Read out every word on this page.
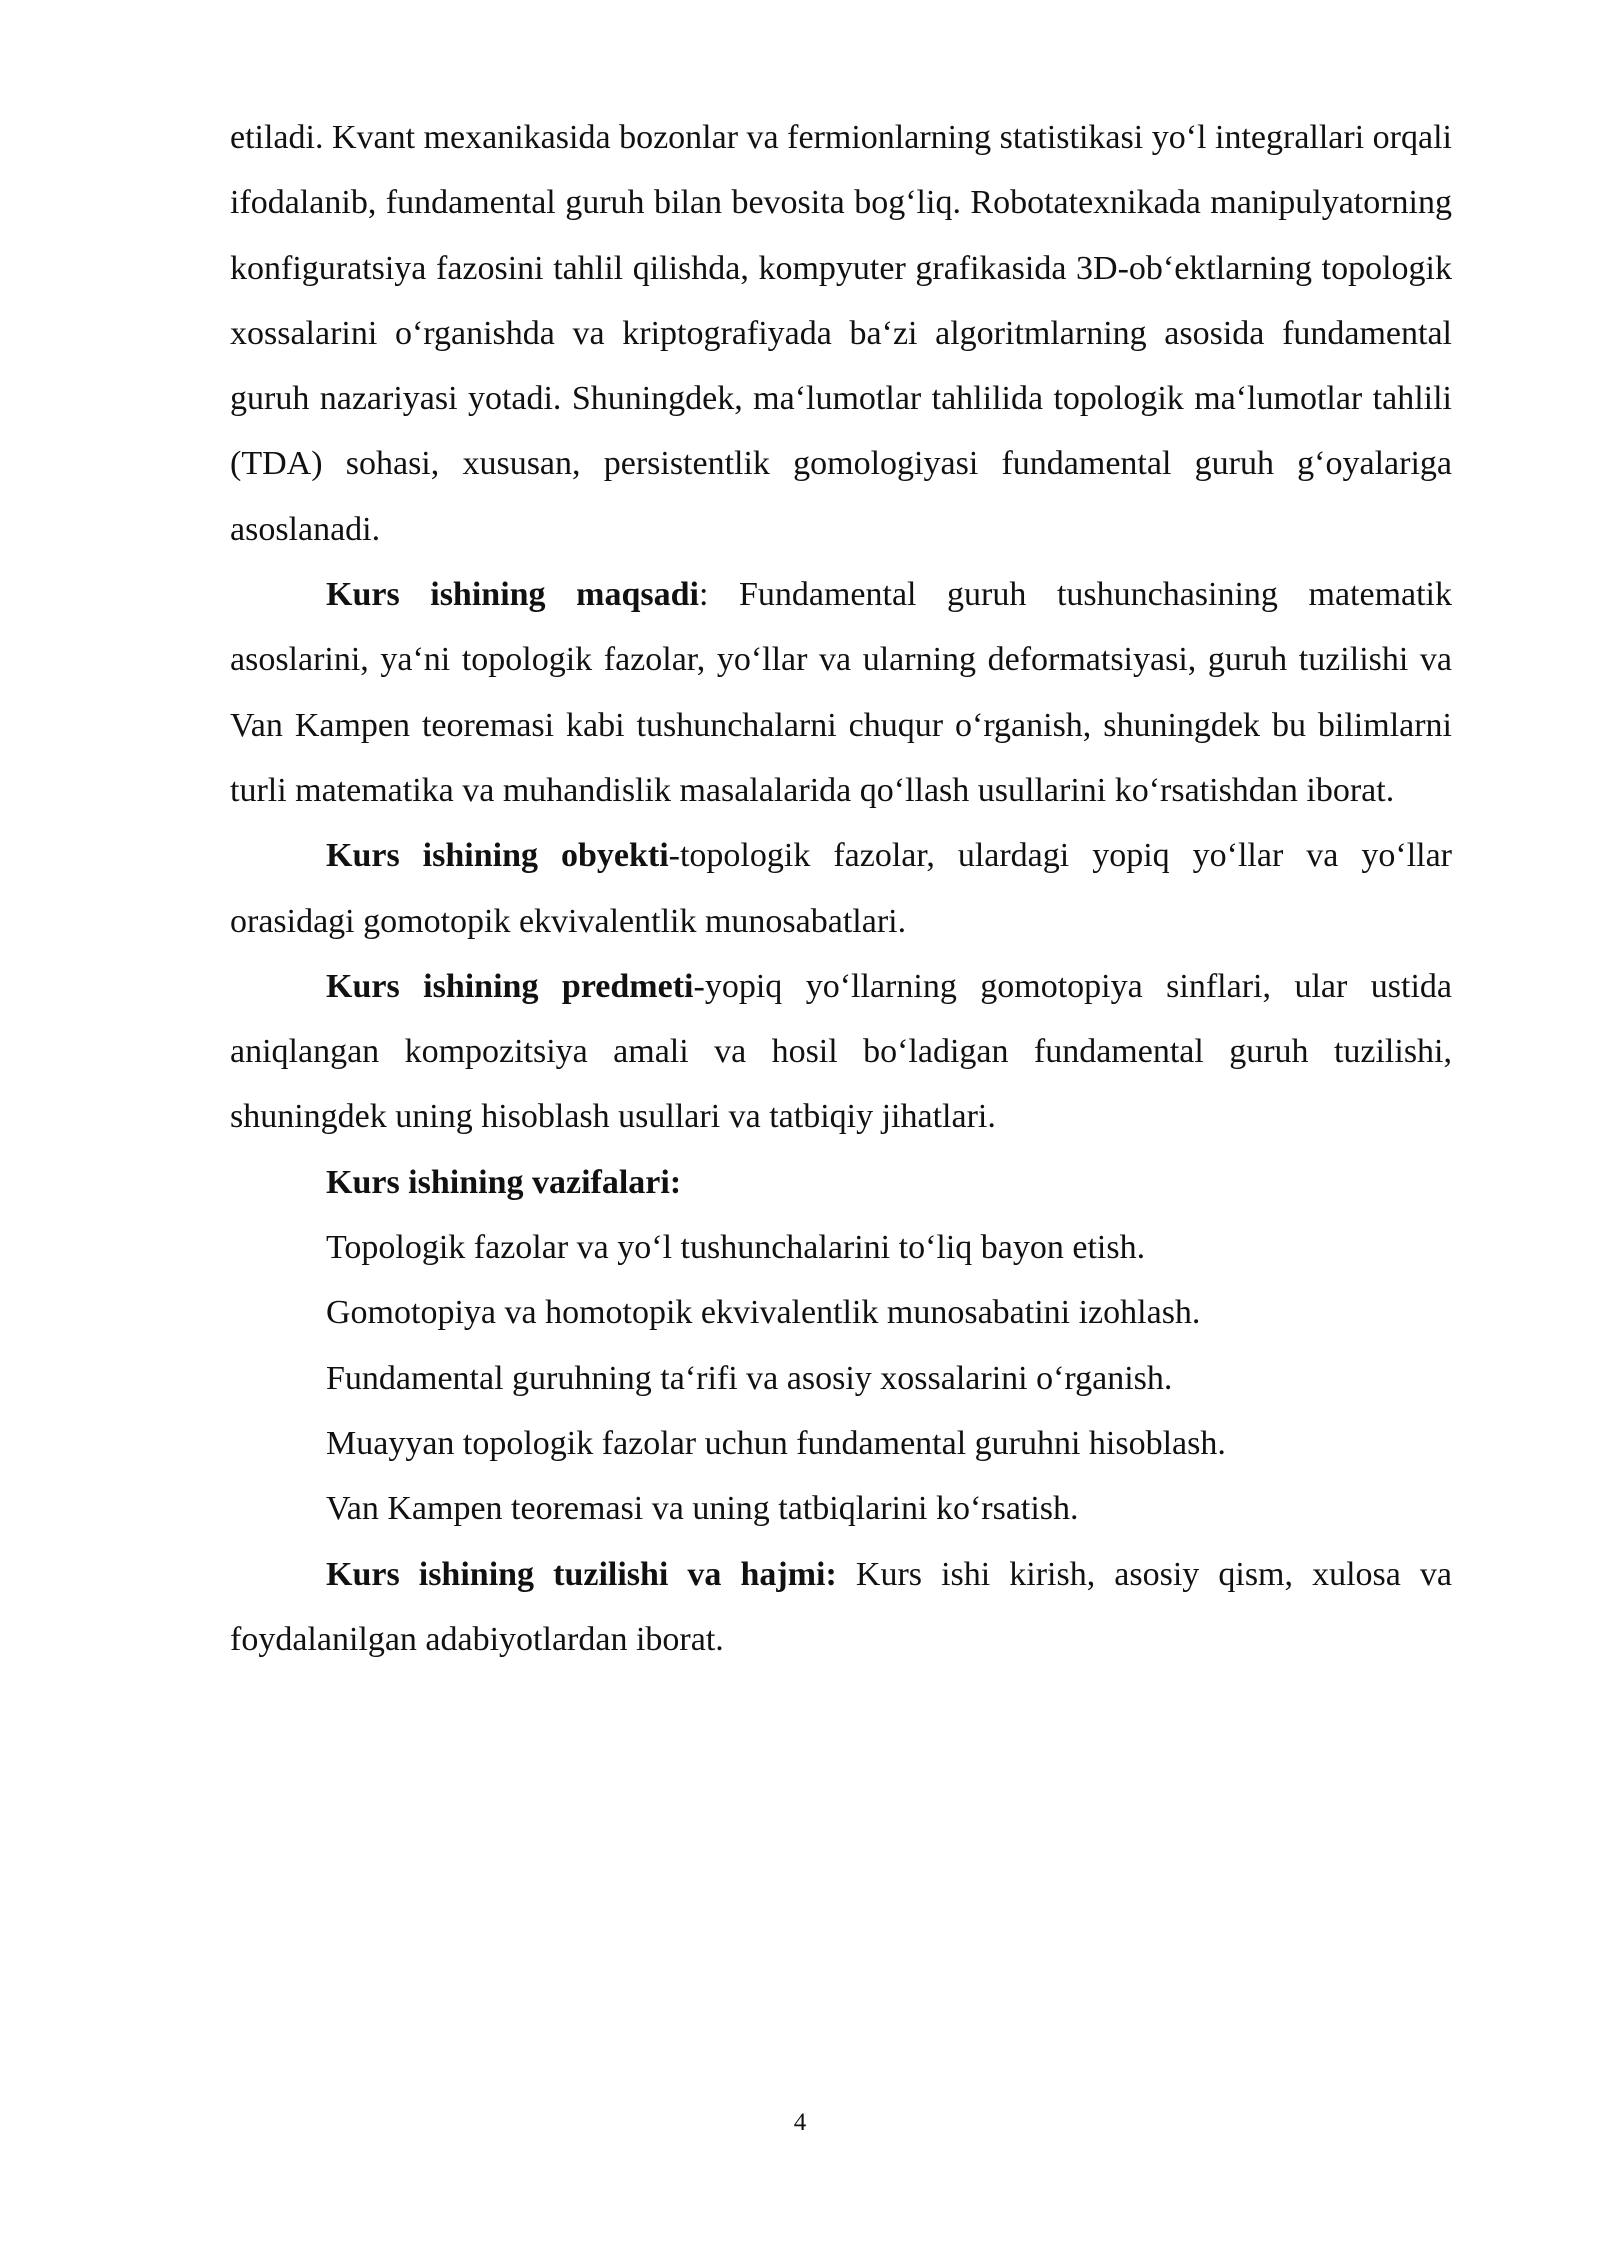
etiladi. Kvant mexanikasida bozonlar va fermionlarning statistikasi yo‘l integrallari orqali ifodalanib, fundamental guruh bilan bevosita bog‘liq. Robotatexnikada manipulyatorning konfiguratsiya fazosini tahlil qilishda, kompyuter grafikasida 3D-ob‘ektlarning topologik xossalarini o‘rganishda va kriptografiyada ba‘zi algoritmlarning asosida fundamental guruh nazariyasi yotadi. Shuningdek, ma‘lumotlar tahlilida topologik ma‘lumotlar tahlili (TDA) sohasi, xususan, persistentlik gomologiyasi fundamental guruh g‘oyalariga asoslanadi.

Kurs ishining maqsadi: Fundamental guruh tushunchasining matematik asoslarini, ya‘ni topologik fazolar, yo‘llar va ularning deformatsiyasi, guruh tuzilishi va Van Kampen teoremasi kabi tushunchalarni chuqur o‘rganish, shuningdek bu bilimlarni turli matematika va muhandislik masalalarida qo‘llash usullarini ko‘rsatishdan iborat.

Kurs ishining obyekti-topologik fazolar, ulardagi yopiq yo‘llar va yo‘llar orasidagi gomotopik ekvivalentlik munosabatlari.

Kurs ishining predmeti-yopiq yo‘llarning gomotopiya sinflari, ular ustida aniqlangan kompozitsiya amali va hosil bo‘ladigan fundamental guruh tuzilishi, shuningdek uning hisoblash usullari va tatbiqiy jihatlari.

Kurs ishining vazifalari:

Topologik fazolar va yo‘l tushunchalarini to‘liq bayon etish.

Gomotopiya va homotopik ekvivalentlik munosabatini izohlash.

Fundamental guruhning ta‘rifi va asosiy xossalarini o‘rganish.

Muayyan topologik fazolar uchun fundamental guruhni hisoblash.

Van Kampen teoremasi va uning tatbiqlarini ko‘rsatish.

Kurs ishining tuzilishi va hajmi: Kurs ishi kirish, asosiy qism, xulosa va foydalanilgan adabiyotlardan iborat.

4
